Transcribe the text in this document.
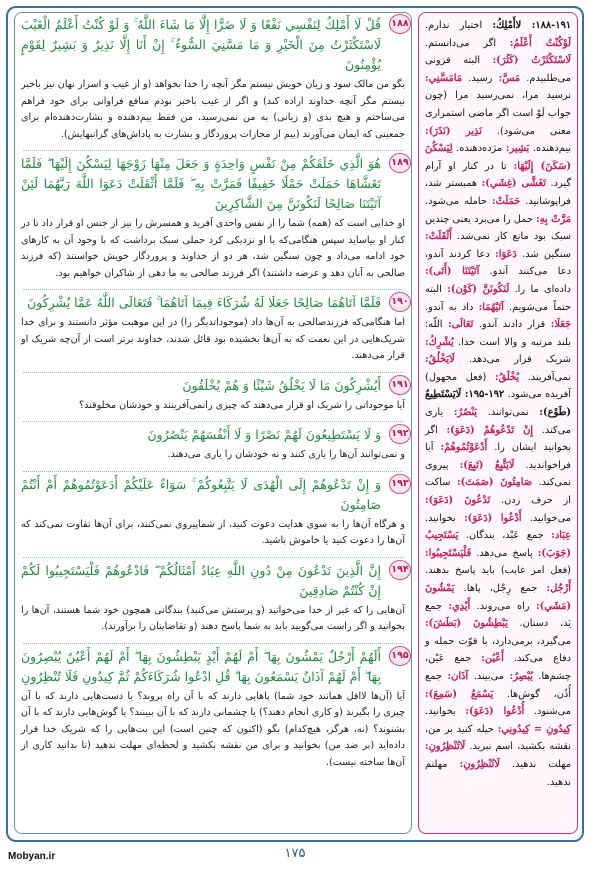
۱۸۸

قُلْ لَا أَمْلِكُ لِنَفْسِي نَفْعًا وَ لَا ضَرًّا إِلَّا مَا شَاءَ اللَّهُ ۚ وَ لَوْ كُنْتُ أَعْلَمُ الْغَيْبَ لَاسْتَكْثَرْتُ مِنَ الْخَيْرِ وَ مَا مَسَّنِيَ السُّوءُ ۚ إِنْ أَنَا إِلَّا نَذِيرٌ وَ بَشِيرٌ لِقَوْمٍ يُؤْمِنُونَ

بگو من مالک سود و زیان خویش نیستم مگر آنچه را خدا بخواهد (و از غیب و اسرار نهان نیز باخبر نیستم مگر آنچه خداوند اراده کند) و اگر از غیب باخبر بودم منافع فراوانی برای خود فراهم می‌ساختم و هیچ بدی (و زیانی) به من نمی‌رسید، من فقط بیم‌دهنده و بشارت‌دهنده‌ام برای جمعیتی که ایمان می‌آورند (بیم از مجازات پروردگار و بشارت به پاداش‌های گرانبهایش).

۱۸۹

هُوَ الَّذِي خَلَقَكُمْ مِنْ نَفْسٍ وَاحِدَةٍ وَ جَعَلَ مِنْهَا زَوْجَهَا لِيَسْكُنَ إِلَيْهَا ۖ فَلَمَّا تَغَشَّاهَا حَمَلَتْ حَمْلًا خَفِيفًا فَمَرَّتْ بِهِ ۖ فَلَمَّا أَثْقَلَتْ دَعَوَا اللَّهَ رَبَّهُمَا لَئِنْ آتَيْتَنَا صَالِحًا لَنَكُونَنَّ مِنَ الشَّاكِرِينَ

او خدایی است که (همه) شما را از نفس واحدی آفرید و همسرش را نیز از جنس او قرار داد تا در کنار او بیاساید سپس هنگامی‌که با او نزدیکی کرد حملی سبک برداشت که با وجود آن به کارهای خود ادامه می‌داد و چون سنگین شد، هر دو از خداوند و پروردگار خویش خواستند (که فرزند صالحی به آنان دهد و عرضه داشتند) اگر فرزند صالحی به ما دهی از شاکران خواهیم بود.

۱۹۰

فَلَمَّا آتَاهُمَا صَالِحًا جَعَلَا لَهُ شُرَكَاءَ فِيمَا آتَاهُمَا ۚ فَتَعَالَى اللَّهُ عَمَّا يُشْرِكُونَ

اما هنگامی‌که فرزندصالحی به آن‌ها داد (موجوداتدیگر را) در این موهبت مؤثر دانستند و برای خدا شریک‌هایی در این نعمت که به آن‌ها بخشیده بود قائل شدند، خداوند برتر است از آن‌چه شریک او قرار می‌دهند.

۱۹۱

أَيُشْرِكُونَ مَا لَا يَخْلُقُ شَيْئًا وَ هُمْ يُخْلَقُونَ

آیا موجوداتی را شریک او قرار می‌دهند که چیزی رانمی‌آفرینند و خودشان مخلوقند؟

۱۹۲

وَ لَا يَسْتَطِيعُونَ لَهُمْ نَصْرًا وَ لَا أَنْفُسَهُمْ يَنْصُرُونَ

و نمی‌توانند آن‌ها را یاری کنند و نه خودشان را یاری می‌دهند.

۱۹۳

وَ إِنْ تَدْعُوهُمْ إِلَى الْهُدَى لَا يَتَّبِعُوكُمْ ۚ سَوَاءٌ عَلَيْكُمْ أَدَعَوْتُمُوهُمْ أَمْ أَنْتُمْ صَامِتُونَ

و هرگاه آن‌ها را به سوی هدایت دعوت کنید، از شماپیروی نمی‌کنند، برای آن‌ها تفاوت نمی‌کند که آن‌ها را دعوت کنید یا خاموش باشید.

۱۹۴

إِنَّ الَّذِينَ تَدْعُونَ مِنْ دُونِ اللَّهِ عِبَادٌ أَمْثَالُكُمْ ۖ فَادْعُوهُمْ فَلْيَسْتَجِيبُوا لَكُمْ إِنْ كُنْتُمْ صَادِقِينَ

آن‌هایی را که غیر از خدا می‌خوانید (و پرستش می‌کنید) بندگانی همچون خود شما هستند، آن‌ها را بخوانید و اگر راست می‌گویید باید به شما پاسخ دهند (و تقاضایتان را برآورند).

۱۹۵

أَلَهُمْ أَرْجُلٌ يَمْشُونَ بِهَا ۖ أَمْ لَهُمْ أَيْدٍ يَبْطِشُونَ بِهَا ۖ أَمْ لَهُمْ أَعْيُنٌ يُبْصِرُونَ بِهَا ۖ أَمْ لَهُمْ آذَانٌ يَسْمَعُونَ بِهَا ۗ قُلِ ادْعُوا شُرَكَاءَكُمْ ثُمَّ كِيدُونِ فَلَا تُنْظِرُونِ

آیا (آن‌ها لااقل همانند خود شما) پاهایی دارند که با آن راه بروند؟ یا دست‌هایی دارند که با آن چیزی را بگیرند (و کاری انجام دهند؟) یا چشمانی دارند که با آن ببینند؟ یا گوش‌هایی دارند که با آن بشنوند؟ (نه، هرگز، هیچ‌کدام) بگو (اکنون که چنین است) این بت‌هایی را که شریک خدا قرار داده‌اید (بر ضد من) بخوانید و برای من نقشه بکشید و لحظه‌ای مهلت ندهید (تا بدانید کاری از آن‌ها ساخته نیست).

۱۸۸-۱۹۱: لاأَمْلِكُ: اختیار ندارم. لَوْكُنْتُ أَعْلَمُ: اگر می‌دانستم. لَاسْتَكْثَرْتُ (كَثُرَ): البته فزونی می‌طلبیدم. مَسَّ: رسید. مَامَسَّنِي: نرسید مرا، نمی‌رسید مرا (چون جواب لَوْ است اگر ماضی استمراری معنی می‌شود). نَذِير (نَذَرَ): بیم‌دهنده. بَشِير: مژده‌دهنده. لِيَسْكُنَ (سَكَنَ) إِلَيْهَا: تا در کنار او آرام گیرد. تَغَشَّى (غِشَي): همبستر شد، فراپوشانید. حَمَلَتْ: حامله می‌شود. مَرَّتْ بِهِ: حمل را می‌برد یعنی چندین سبک بود مانع کار نمی‌شد. أَثْقَلَتْ: سنگین شد. دَعَوَا: دعا کردند آندو، دعا می‌کنند آندو. آتَيْتَنَا (أَتَى): داده‌ای ما را. لَنَكُونَنَّ (كَوْن): البته حتماً می‌شویم. آتَيْهُمَا: داد به آندو. جَعَلَا: قرار دادند آندو. تَعَالَى: اللّه: بلند مرتبه و والا است خدا. يُشْرِكُ: شریک قرار می‌دهد. لَايَخْلُقُ: نمی‌آفریند. يُخْلَقُ: (فعل مجهول) آفریده می‌شود. ۱۹۲-۱۹۵: لَايَسْتَطِيعُ (طَوْع): نمی‌توانند. يَنْصُرُ: یاری می‌کند. إِنْ تَدْعُوهُمْ (دَعَوَ): اگر بخوانید ایشان را. أَدْعَوْتُمُوهُمْ: آیا فراخواندید. لَايَتَّبِعُ (تَبِعَ): پیروی نمی‌کند. صَامِتُونَ (صَمَتَ): ساکت از حرف زدن. تَدْعُونَ (دَعَوَ): می‌خوانید. أَدْعُوا (دَعَوَ): بخوانید. عِبَاد: جمع عَبْد، بندگان. يَسْتَجِيبُ (جَوَبَ): پاسخ می‌دهد. فَلْيَسْتَجِيبُوا: (فعل امر غایب) باید پاسخ بدهند. أَرْجُل: جمع رِجْل، پاها. يَمْشُونَ (مَشَي): راه می‌روند. أَيْدِي: جمع يَد، دستان. يَبْطِشُونَ (بَطَشَ): می‌گیرد، برمی‌دارد، با قوّت حمله و دفاع می‌کند. أَعْيُن: جمع عَيْن، چشم‌ها. يُبْصِرُ: می‌بیند. آذَان: جمع أُذُن، گوش‌ها. يَسْمَعُ (سَمِعَ): می‌شنود. أُدْعُوا (دَعَوَ): بخوانید. كِيدُونِ = كِيدُونِي: حیله کنید بر من، نقشه بکشید، اسم نبرید. لَاتُنْظِرُونِ: مهلت ندهید. لَاتُنْظِرُونِ: مهلتم ندهید.
۱۷۵
Mobyan.ir
